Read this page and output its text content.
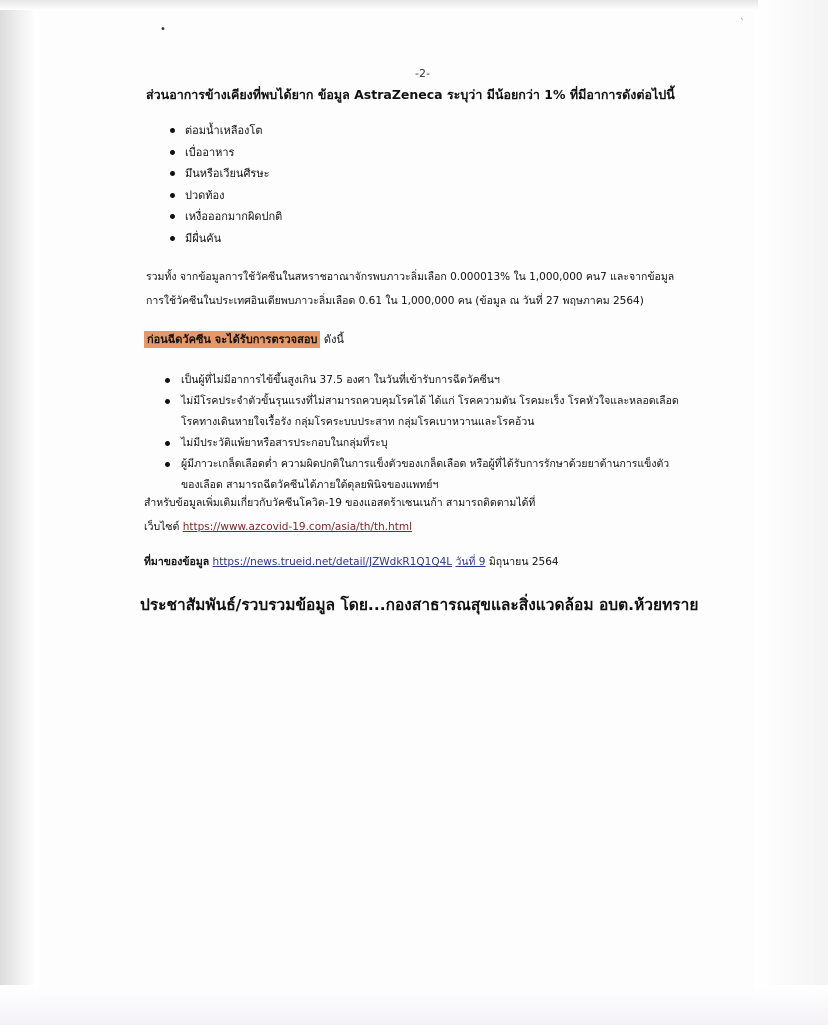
`
•
-2-
ส่วนอาการข้างเคียงที่พบได้ยาก ข้อมูล AstraZeneca ระบุว่า มีน้อยกว่า 1% ที่มีอาการดังต่อไปนี้
ต่อมน้ำเหลืองโต
เบื่ออาหาร
มึนหรือเวียนศีรษะ
ปวดท้อง
เหงื่อออกมากผิดปกติ
มีผื่นคัน
รวมทั้ง จากข้อมูลการใช้วัคซีนในสหราชอาณาจักรพบภาวะลิ่มเลือก 0.000013% ใน 1,000,000 คน7 และจากข้อมูล
การใช้วัคซีนในประเทศอินเดียพบภาวะลิ่มเลือด 0.61 ใน 1,000,000 คน (ข้อมูล ณ วันที่ 27 พฤษภาคม 2564)
ก่อนฉีดวัคซีน จะได้รับการตรวจสอบ ดังนี้
เป็นผู้ที่ไม่มีอาการไข้ขึ้นสูงเกิน 37.5 องศา ในวันที่เข้ารับการฉีดวัคซีนฯ
ไม่มีโรคประจำตัวขั้นรุนแรงที่ไม่สามารถควบคุมโรคได้ ได้แก่ โรคความดัน โรคมะเร็ง โรคหัวใจและหลอดเลือด
โรคทางเดินหายใจเรื้อรัง กลุ่มโรคระบบประสาท กลุ่มโรคเบาหวานและโรคอ้วน
ไม่มีประวัติแพ้ยาหรือสารประกอบในกลุ่มที่ระบุ
ผู้มีภาวะเกล็ดเลือดต่ำ ความผิดปกติในการแข็งตัวของเกล็ดเลือด หรือผู้ที่ได้รับการรักษาด้วยยาต้านการแข็งตัว
ของเลือด สามารถฉีดวัคซีนได้ภายใต้ดุลยพินิจของแพทย์ฯ
สำหรับข้อมูลเพิ่มเติมเกี่ยวกับวัคซีนโควิด-19 ของแอสตร้าเซนเนก้า สามารถติดตามได้ที่
เว็บไซต์ https://www.azcovid-19.com/asia/th/th.html
ที่มาของข้อมูล https://news.trueid.net/detail/JZWdkR1Q1Q4L วันที่ 9 มิถุนายน 2564
ประชาสัมพันธ์/รวบรวมข้อมูล โดย...กองสาธารณสุขและสิ่งแวดล้อม อบต.ห้วยทราย
